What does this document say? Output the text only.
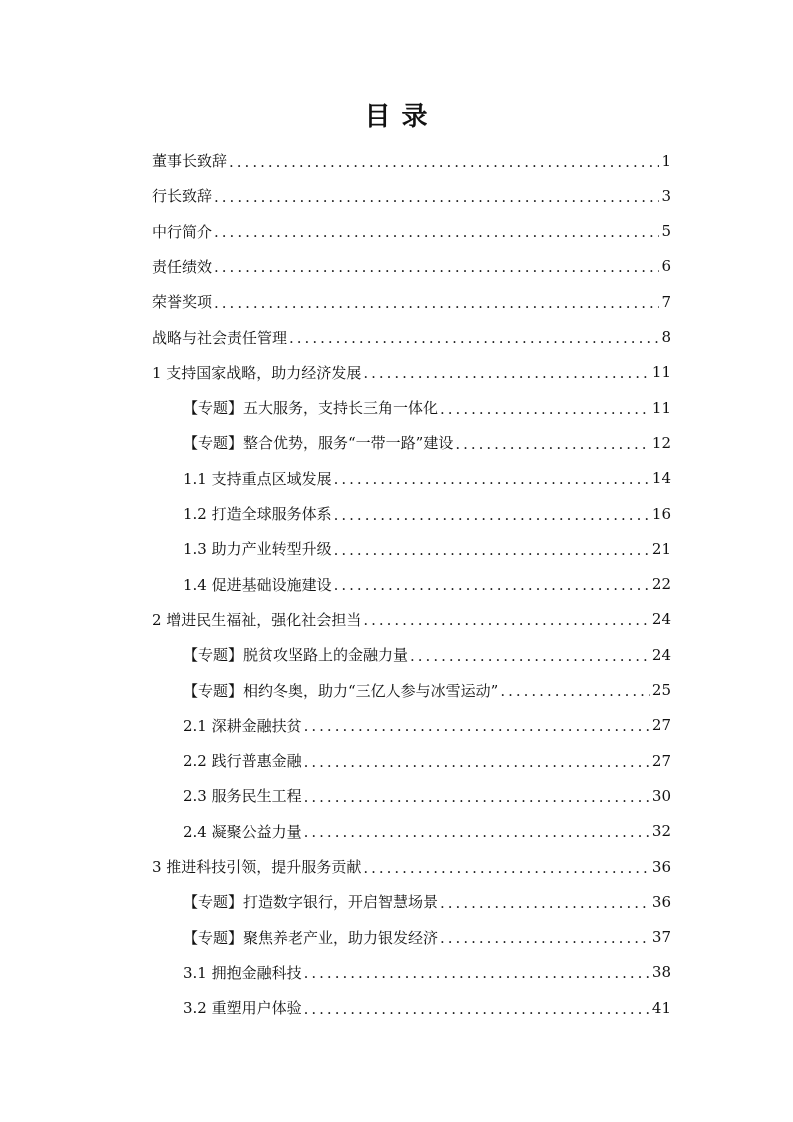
目 录
董事长致辞 .....	1
行长致辞 .....	3
中行简介 .....	5
责任绩效 .....	6
荣誉奖项 .....	7
战略与社会责任管理 .....	8
1 支持国家战略，助力经济发展 .....	11
【专题】五大服务，支持长三角一体化 .....	11
【专题】整合优势，服务“一带一路”建设 .....	12
1.1 支持重点区域发展 .....	14
1.2 打造全球服务体系 .....	16
1.3 助力产业转型升级 .....	21
1.4 促进基础设施建设 .....	22
2 增进民生福祉，强化社会担当 .....	24
【专题】脱贫攻坚路上的金融力量 .....	24
【专题】相约冬奥，助力“三亿人参与冰雪运动” .....	25
2.1 深耕金融扶贫 .....	27
2.2 践行普惠金融 .....	27
2.3 服务民生工程 .....	30
2.4 凝聚公益力量 .....	32
3 推进科技引领，提升服务贡献 .....	36
【专题】打造数字银行，开启智慧场景 .....	36
【专题】聚焦养老产业，助力银发经济 .....	37
3.1 拥抱金融科技 .....	38
3.2 重塑用户体验 .....	41
